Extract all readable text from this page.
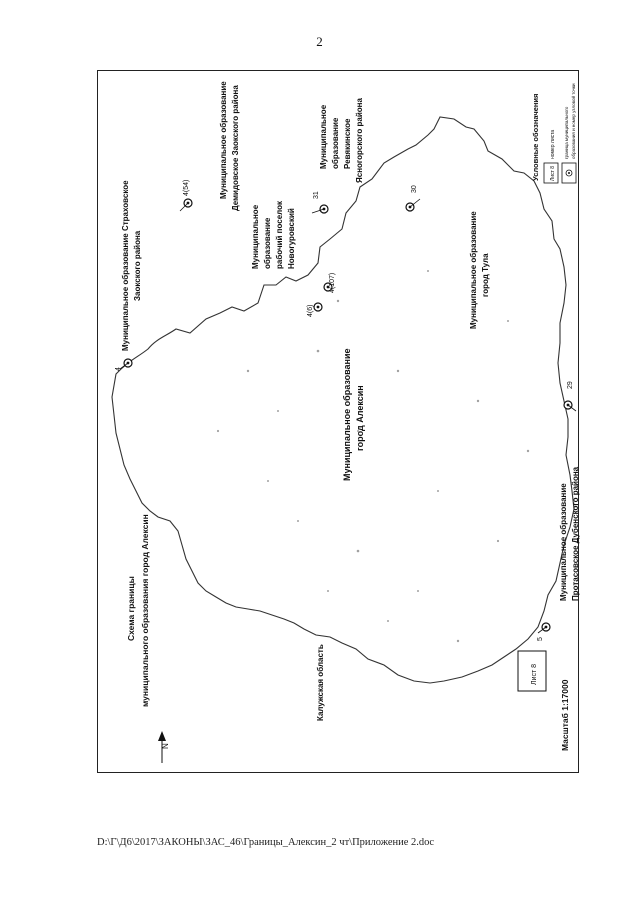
2
4
4(54)
4(6)
4(107)
31
30
29
5
Схема границы муниципального образования город Алексин
Муниципальное образование Страховское Заокского района
Муниципальное образование Демидовское Заокского района
Муниципальное образование рабочий поселок Новогуровский
Муниципальное образование Ревякинское Ясногорского района
Муниципальное образование город Алексин
Муниципальное образование город Тула
Муниципальное образование Протасовское Дубенского района
Калужская область
N	Масштаб 1:17000
Лист 8
Условные обозначения Лист 8
номер листа граница муниципального образования и номер узловой точки
D:\Г\Д6\2017\ЗАКОНЫ\ЗАС_46\Границы_Алексин_2 чт\Приложение 2.doc
